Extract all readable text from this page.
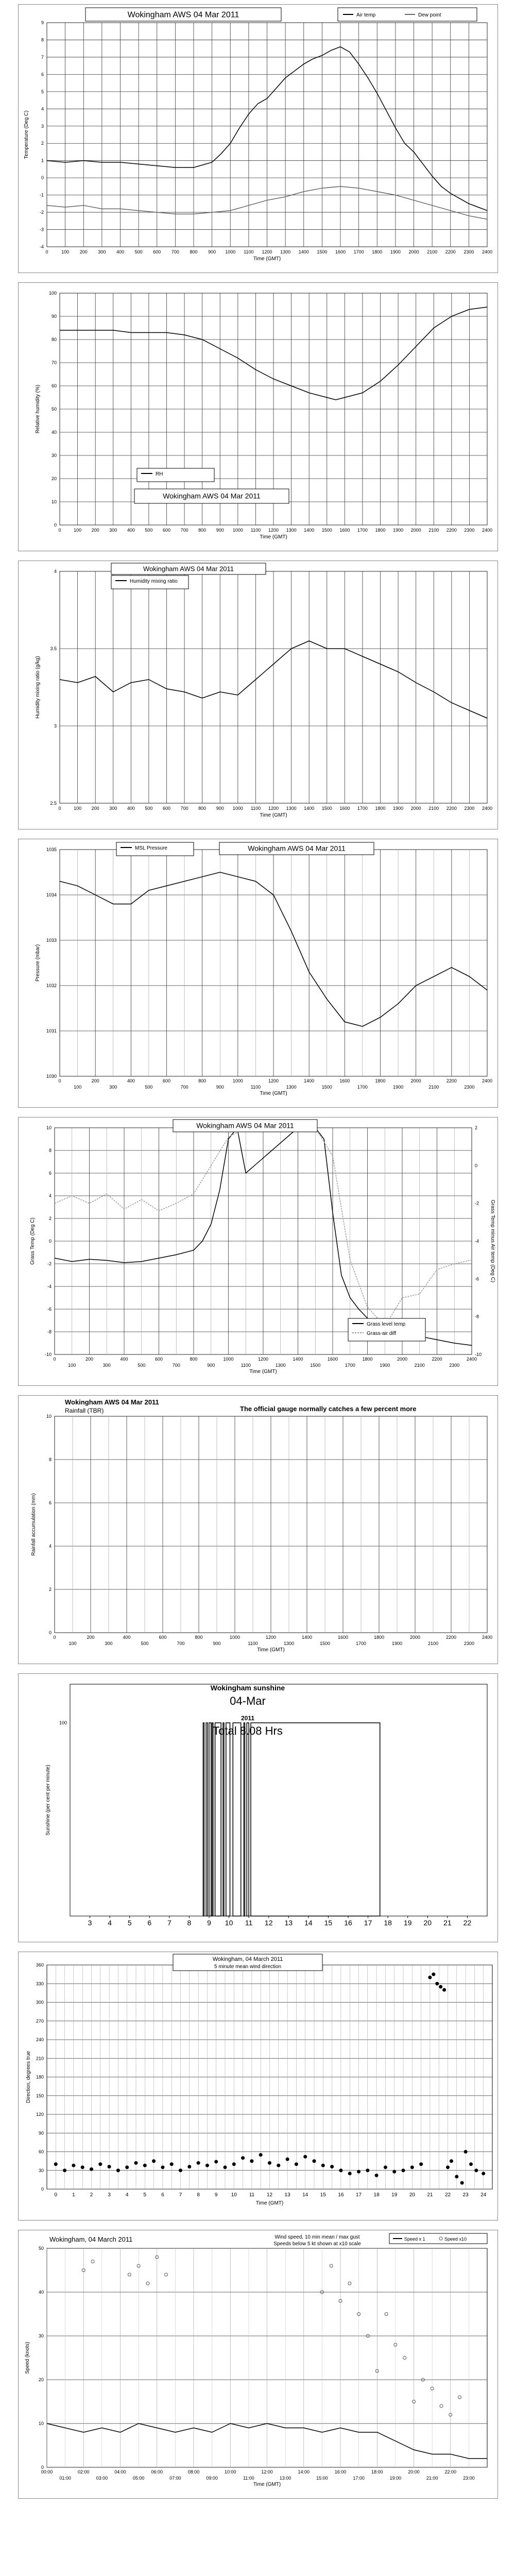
-4
-3
-2
-1
0
1
2
3
4
5
6
7
8
9
0	100 200 300 400 500 600 700 800 900 1000 1100 1200 1300 1400 1500 1600 1700 1800 1900 2000 2100 2200 2300 2400
Time (GMT)
Temperature (Deg C)
Wokingham AWS 04 Mar 2011	Air temp	Dew point
0
10
20
30
40
50
60
70
80
90
100
0	100 200 300 400 500 600 700 800 900 1000 1100 1200 1300 1400 1500 1600 1700 1800 1900 2000 2100 2200 2300 2400
Time (GMT)
Relative humidity (%)
RH
Wokingham AWS 04 Mar 2011
2.5
3
3.5
4
0	100 200 300 400 500 600 700 800 900 1000 1100 1200 1300 1400 1500 1600 1700 1800 1900 2000 2100 2200 2300 2400
Time (GMT)
Humidity mixing ratio (g/kg)
Wokingham AWS 04 Mar 2011
Humidity mixing ratio
1030
1031
1032
1033
1034
1035
0	200	400	600	800	1000	1200	1400	1600	1800	2000	2200	2400
100	300	500	700	900	1100	1300	1500	1700	1900	2100	2300
Time (GMT)
Pressure (mbar)
MSL Pressure	Wokingham AWS 04 Mar 2011
-10
-8
-6
-4
-2
0
2
4
6
8
10
0	200	400	600	800	1000	1200	1400	1600	1800	2000	2200	2400
100	300	500	700	900	1100	1300	1500	1700	1900	2100	2300
Time (GMT)
Grass Temp (Deg C)
-10
-8
-6
-4
-2
0
2
Grass Temp minus Air temp (Deg C)
Wokingham AWS 04 Mar 2011
Grass level temp
Grass-air diff
0
2
4
6
8
10
0	200	400	600	800	1000	1200	1400	1600	1800	2000	2200	2400
100	300	500	700	900	1100	1300	1500	1700	1900	2100	2300
Time (GMT)
Rainfall accumulation (mm)
Wokingham AWS 04 Mar 2011
Rainfall (TBR)	The official gauge normally catches a few percent more
100
3 4 5 6 7 8 9 10 11 12 13 14 15 16 17 18 19 20 21 22
Sunshine (per cent per minute)
Wokingham sunshine
04-Mar
2011
Total 8.08 Hrs
0
30
60
90
120
150
180
210
240
270
300
330
360
Direction, degrees true
0	1	2	3	4	5	6	7	8	9	10 11 12 13 14 15 16 17 18 19 20 21 22 23 24
Time (GMT)
Wokingham, 04 March 2011
5 minute mean wind direction
0
10
20
30
40
50
Speed (knots)
00:00	02:00	04:00	06:00	08:00	10:00	12:00	14:00	16:00	18:00	20:00	22:00
01:00	03:00	05:00	07:00	09:00	11:00	13:00	15:00	17:00	19:00	21:00	23:00
Time (GMT)
Wokingham, 04 March 2011	Wind speed, 10 min mean / max gust
Speeds below 5 kt shown at x10 scale
Speed x 1	Speed x10
